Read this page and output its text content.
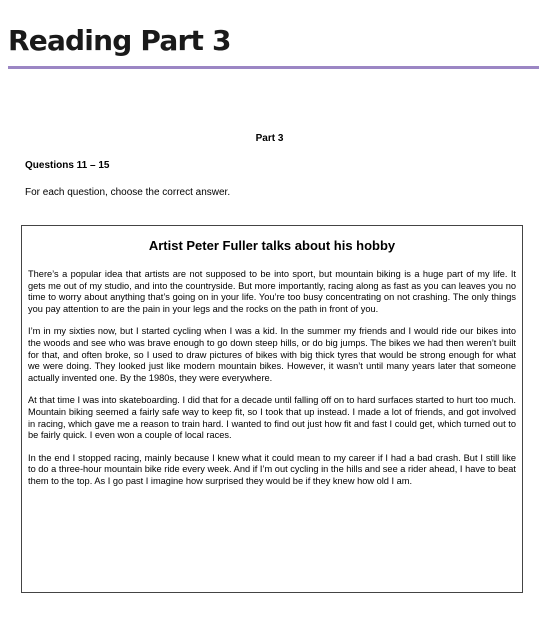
Reading Part 3
Part 3
Questions 11 – 15
For each question, choose the correct answer.
Artist Peter Fuller talks about his hobby

There’s a popular idea that artists are not supposed to be into sport, but mountain biking is a huge part of my life. It gets me out of my studio, and into the countryside. But more importantly, racing along as fast as you can leaves you no time to worry about anything that’s going on in your life. You’re too busy concentrating on not crashing. The only things you pay attention to are the pain in your legs and the rocks on the path in front of you.

I’m in my sixties now, but I started cycling when I was a kid. In the summer my friends and I would ride our bikes into the woods and see who was brave enough to go down steep hills, or do big jumps. The bikes we had then weren’t built for that, and often broke, so I used to draw pictures of bikes with big thick tyres that would be strong enough for what we were doing. They looked just like modern mountain bikes. However, it wasn’t until many years later that someone actually invented one. By the 1980s, they were everywhere.

At that time I was into skateboarding. I did that for a decade until falling off on to hard surfaces started to hurt too much. Mountain biking seemed a fairly safe way to keep fit, so I took that up instead. I made a lot of friends, and got involved in racing, which gave me a reason to train hard. I wanted to find out just how fit and fast I could get, which turned out to be fairly quick. I even won a couple of local races.

In the end I stopped racing, mainly because I knew what it could mean to my career if I had a bad crash. But I still like to do a three-hour mountain bike ride every week. And if I’m out cycling in the hills and see a rider ahead, I have to beat them to the top. As I go past I imagine how surprised they would be if they knew how old I am.
